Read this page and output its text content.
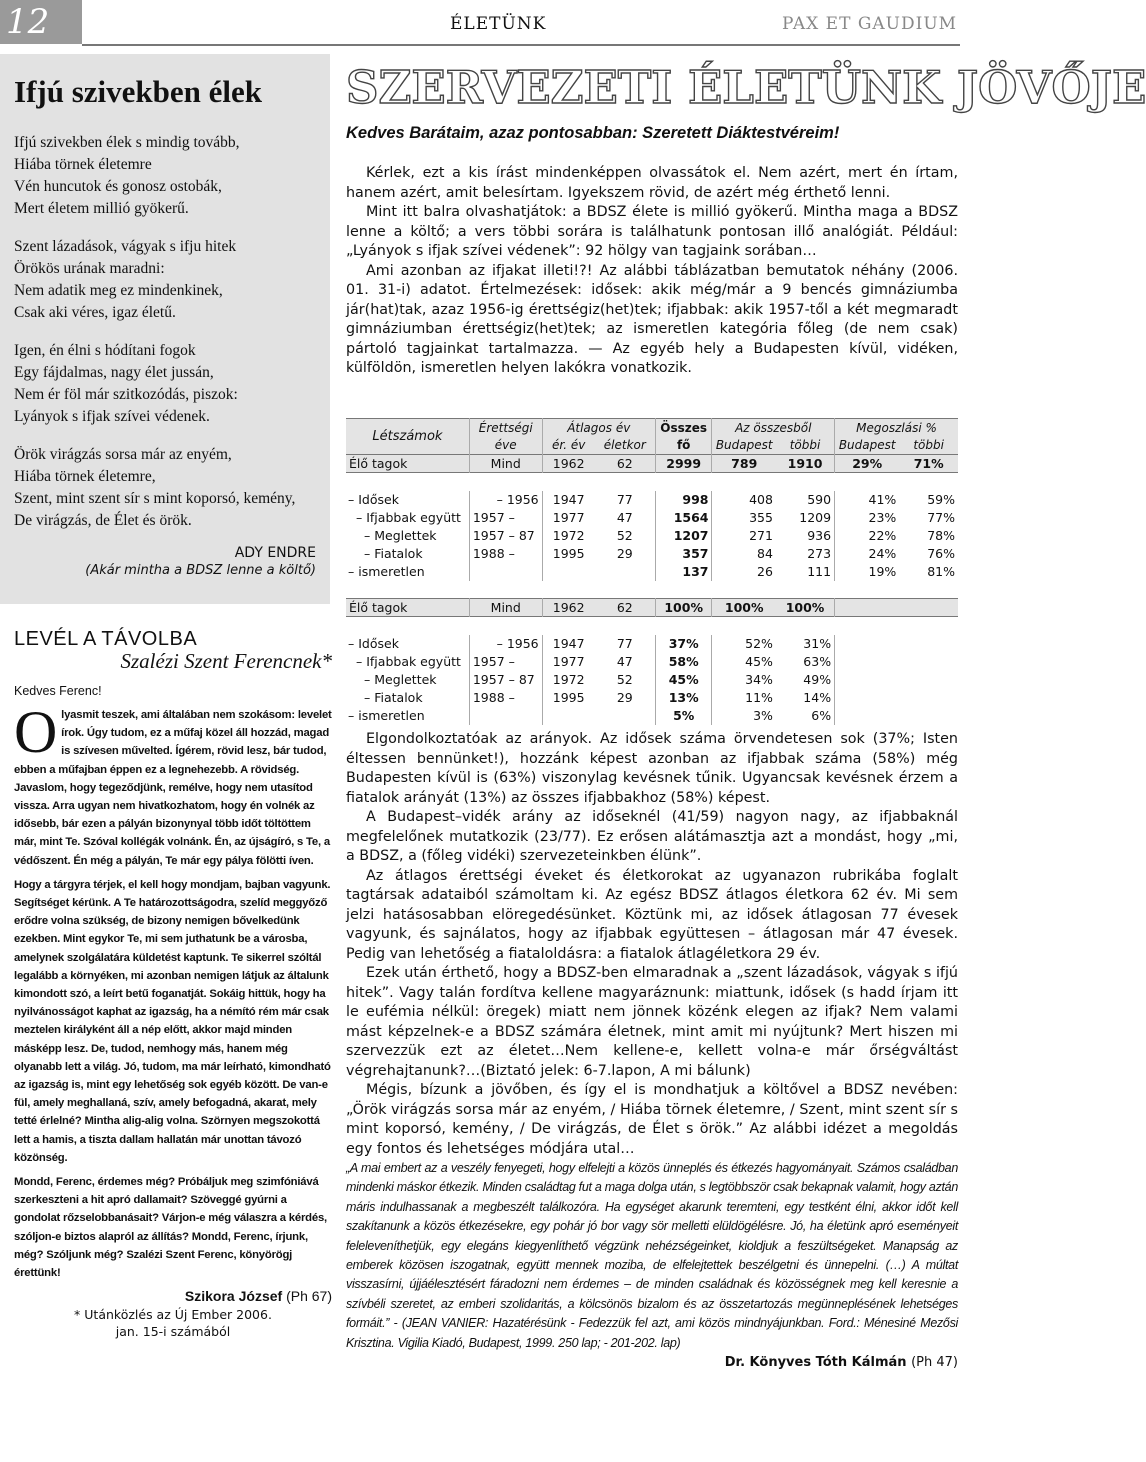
12	ÉLETÜNK	PAX ET GAUDIUM
Ifjú szivekben élek
Ifjú szivekben élek s mindig tovább,
Hiába törnek életemre
Vén huncutok és gonosz ostobák,
Mert életem millió gyökerű.
Szent lázadások, vágyak s ifju hitek
Örökös urának maradni:
Nem adatik meg ez mindenkinek,
Csak aki véres, igaz életű.
Igen, én élni s hódítani fogok
Egy fájdalmas, nagy élet jussán,
Nem ér föl már szitkozódás, piszok:
Lyányok s ifjak szívei védenek.
Örök virágzás sorsa már az enyém,
Hiába törnek életemre,
Szent, mint szent sír s mint koporsó, kemény,
De virágzás, de Élet és örök.
ADY ENDRE
(Akár mintha a BDSZ lenne a költő)
LEVÉL A TÁVOLBA
Szalézi Szent Ferencnek*
Kedves Ferenc!

Olyasmit teszek, ami általában nem szokásom: levelet írok. Úgy tudom, ez a műfaj közel áll hozzád, magad is szívesen művelted. Ígérem, rövid lesz, bár tudod, ebben a műfajban éppen ez a legnehezebb. A rövidség. Javaslom, hogy tegeződjünk, remélve, hogy nem utasítod vissza. Arra ugyan nem hivatkozhatom, hogy én volnék az idősebb, bár ezen a pályán bizonynyal több időt töltöttem már, mint Te. Szóval kollégák volnánk. Én, az újságíró, s Te, a védőszent. Én még a pályán, Te már egy pálya fölötti íven.

Hogy a tárgyra térjek, el kell hogy mondjam, bajban vagyunk. Segítséget kérünk. A Te határozottságodra, szelíd meggyőző erődre volna szükség, de bizony nemigen bővelkedünk ezekben. Mint egykor Te, mi sem juthatunk be a városba, amelynek szolgálatára küldetést kaptunk. Te sikerrel szóltál legalább a környéken, mi azonban nemigen látjuk az általunk kimondott szó, a leírt betű foganatját. Sokáig hittük, hogy ha nyilvánosságot kaphat az igazság, ha a némító rém már csak meztelen királyként áll a nép előtt, akkor majd minden másképp lesz. De, tudod, nemhogy más, hanem még olyanabb lett a világ. Jó, tudom, ma már leírható, kimondható az igazság is, mint egy lehetőség sok egyéb között. De van-e fül, amely meghallaná, szív, amely befogadná, akarat, mely tetté érlelné? Mintha alig-alig volna. Szörnyen megszokottá lett a hamis, a tiszta dallam hallatán már unottan távozó közönség.

Mondd, Ferenc, érdemes még? Próbáljuk meg szimfóniává szerkeszteni a hit apró dallamait? Szöveggé gyúrni a gondolat rőzselobbanásait? Várjon-e még válaszra a kérdés, szóljon-e biztos alapról az állítás? Mondd, Ferenc, írjunk, még? Szóljunk még? Szalézi Szent Ferenc, könyörögj érettünk!

Szikora József (Ph 67)
* Utánközlés az Új Ember 2006.
jan. 15-i számából
SZERVEZETI ÉLETÜNK JÖVŐJE
Kedves Barátaim, azaz pontosabban: Szeretett Diáktestvéreim!

Kérlek, ezt a kis írást mindenképpen olvassátok el. Nem azért, mert én írtam, hanem azért, amit belesírtam. Igyekszem rövid, de azért még érthető lenni.

Mint itt balra olvashatjátok: a BDSZ élete is millió gyökerű. Mintha maga a BDSZ lenne a költő; a vers többi sorára is találhatunk pontosan illő analógiát. Például: „Lyányok s ifjak szívei védenek”: 92 hölgy van tagjaink sorában…

Ami azonban az ifjakat illeti!?! Az alábbi táblázatban bemutatok néhány (2006. 01. 31-i) adatot. Értelmezések: idősek: akik még/már a 9 bencés gimnáziumba jár(hat)tak, azaz 1956-ig érettségiz(het)tek; ifjabbak: akik 1957-től a két megmaradt gimnáziumban érettségiz(het)tek; az ismeretlen kategória főleg (de nem csak) pártoló tagjainkat tartalmazza. — Az egyéb hely a Budapesten kívül, vidéken, külföldön, ismeretlen helyen lakókra vonatkozik.

Létszámok	Érettségi	Átlagos év		Összes	Az összesből		Megoszlási %	
	éve	ér. év	életkor	fő	Budapest	többi	Budapest	többi
Élő tagok	Mind	1962	62	2999	789	1910	29%	71%

– Idősek	– 1956	1947	77	998	408	590	41%	59%
– Ifjabbak együtt	1957 –	1977	47	1564	355	1209	23%	77%
– Meglettek	1957 – 87	1972	52	1207	271	936	22%	78%
– Fiatalok	1988 –	1995	29	357	84	273	24%	76%
– ismeretlen				137	26	111	19%	81%

Élő tagok	Mind	1962	62	100%	100%	100%		

– Idősek	– 1956	1947	77	37%	52%	31%		
– Ifjabbak együtt	1957 –	1977	47	58%	45%	63%		
– Meglettek	1957 – 87	1972	52	45%	34%	49%		
– Fiatalok	1988 –	1995	29	13%	11%	14%		
– ismeretlen				5%	3%	6%		

Elgondolkoztatóak az arányok. Az idősek száma örvendetesen sok (37%; Isten éltessen bennünket!), hozzánk képest azonban az ifjabbak száma (58%) még Budapesten kívül is (63%) viszonylag kevésnek tűnik. Ugyancsak kevésnek érzem a fiatalok arányát (13%) az összes ifjabbakhoz (58%) képest.

A Budapest–vidék arány az időseknél (41/59) nagyon nagy, az ifjabbaknál megfelelőnek mutatkozik (23/77). Ez erősen alátámasztja azt a mondást, hogy „mi, a BDSZ, a (főleg vidéki) szervezeteinkben élünk”.

Az átlagos érettségi éveket és életkorokat az ugyanazon rubrikába foglalt tagtársak adataiból számoltam ki. Az egész BDSZ átlagos életkora 62 év. Mi sem jelzi hatásosabban elöregedésünket. Köztünk mi, az idősek átlagosan 77 évesek vagyunk, és sajnálatos, hogy az ifjabbak együttesen – átlagosan már 47 évesek. Pedig van lehetőség a fiataloldásra: a fiatalok átlagéletkora 29 év.

Ezek után érthető, hogy a BDSZ-ben elmaradnak a „szent lázadások, vágyak s ifjú hitek”. Vagy talán fordítva kellene magyaráznunk: miattunk, idősek (s hadd írjam itt le eufémia nélkül: öregek) miatt nem jönnek közénk elegen az ifjak? Nem valami mást képzelnek-e a BDSZ számára életnek, mint amit mi nyújtunk? Mert hiszen mi szervezzük ezt az életet…Nem kellene-e, kellett volna-e már őrségváltást végrehajtanunk?…(Biztató jelek: 6-7.lapon, A mi bálunk)

Mégis, bízunk a jövőben, és így el is mondhatjuk a költővel a BDSZ nevében: „Örök virágzás sorsa már az enyém, / Hiába törnek életemre, / Szent, mint szent sír s mint koporsó, kemény, / De virágzás, de Élet s örök.” Az alábbi idézet a megoldás egy fontos és lehetséges módjára utal…

„A mai embert az a veszély fenyegeti, hogy elfelejti a közös ünneplés és étkezés hagyományait. Számos családban mindenki máskor étkezik. Minden családtag fut a maga dolga után, s legtöbbször csak bekapnak valamit, hogy aztán máris indulhassanak a megbeszélt találkozóra. Ha egységet akarunk teremteni, egy testként élni, akkor időt kell szakítanunk a közös étkezésekre, egy pohár jó bor vagy sör melletti elüldögélésre. Jó, ha életünk apró eseményeit feleleveníthetjük, egy elegáns kiegyenlíthető végzünk nehézségeinket, kioldjuk a feszültségeket. Manapság az emberek közösen iszogatnak, együtt mennek moziba, de elfelejtettek beszélgetni és ünnepelni. (…) A múltat visszasírni, újjáélesztésért fáradozni nem érdemes – de minden családnak és közösségnek meg kell keresnie a szívbéli szeretet, az emberi szolidaritás, a kölcsönös bizalom és az összetartozás megünneplésének lehetséges formáit.” - (JEAN VANIER: Hazatérésünk - Fedezzük fel azt, ami közös mindnyájunkban. Ford.: Ménesiné Mezősi Krisztina. Vigilia Kiadó, Budapest, 1999. 250 lap; - 201-202. lap)
Dr. Könyves Tóth Kálmán (Ph 47)
